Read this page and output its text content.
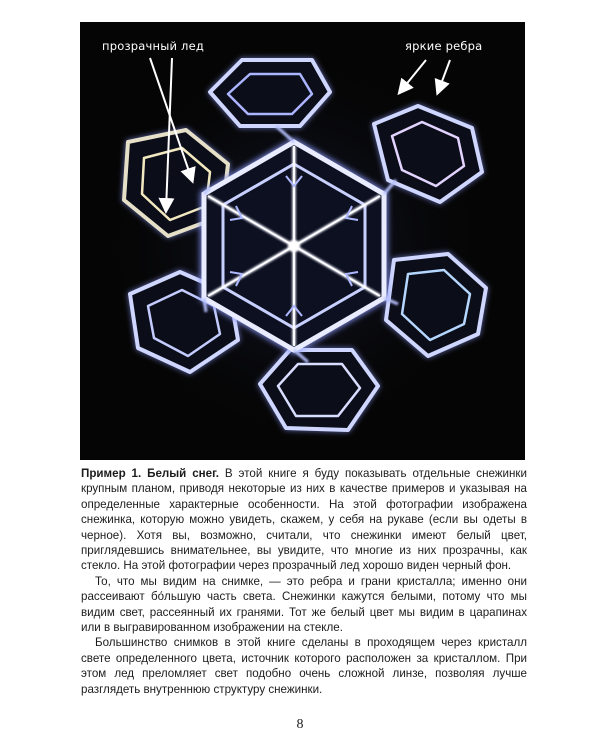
прозрачный лед	яркие ребра

Пример 1. Белый снег. В этой книге я буду показывать отдельные снежинки крупным планом, приводя некоторые из них в качестве примеров и указывая на определенные характерные особенности. На этой фотографии изображена снежинка, которую можно увидеть, скажем, у себя на рукаве (если вы одеты в черное). Хотя вы, возможно, считали, что снежинки имеют белый цвет, приглядевшись внимательнее, вы увидите, что многие из них прозрачны, как стекло. На этой фотографии через прозрачный лед хорошо виден черный фон.

То, что мы видим на снимке, — это ребра и грани кристалла; именно они рассеивают бо́льшую часть света. Снежинки кажутся белыми, потому что мы видим свет, рассеянный их гранями. Тот же белый цвет мы видим в царапинах или в выгравированном изображении на стекле.

Большинство снимков в этой книге сделаны в проходящем через кристалл свете определенного цвета, источник которого расположен за кристаллом. При этом лед преломляет свет подобно очень сложной линзе, позволяя лучше разглядеть внутреннюю структуру снежинки.

8
